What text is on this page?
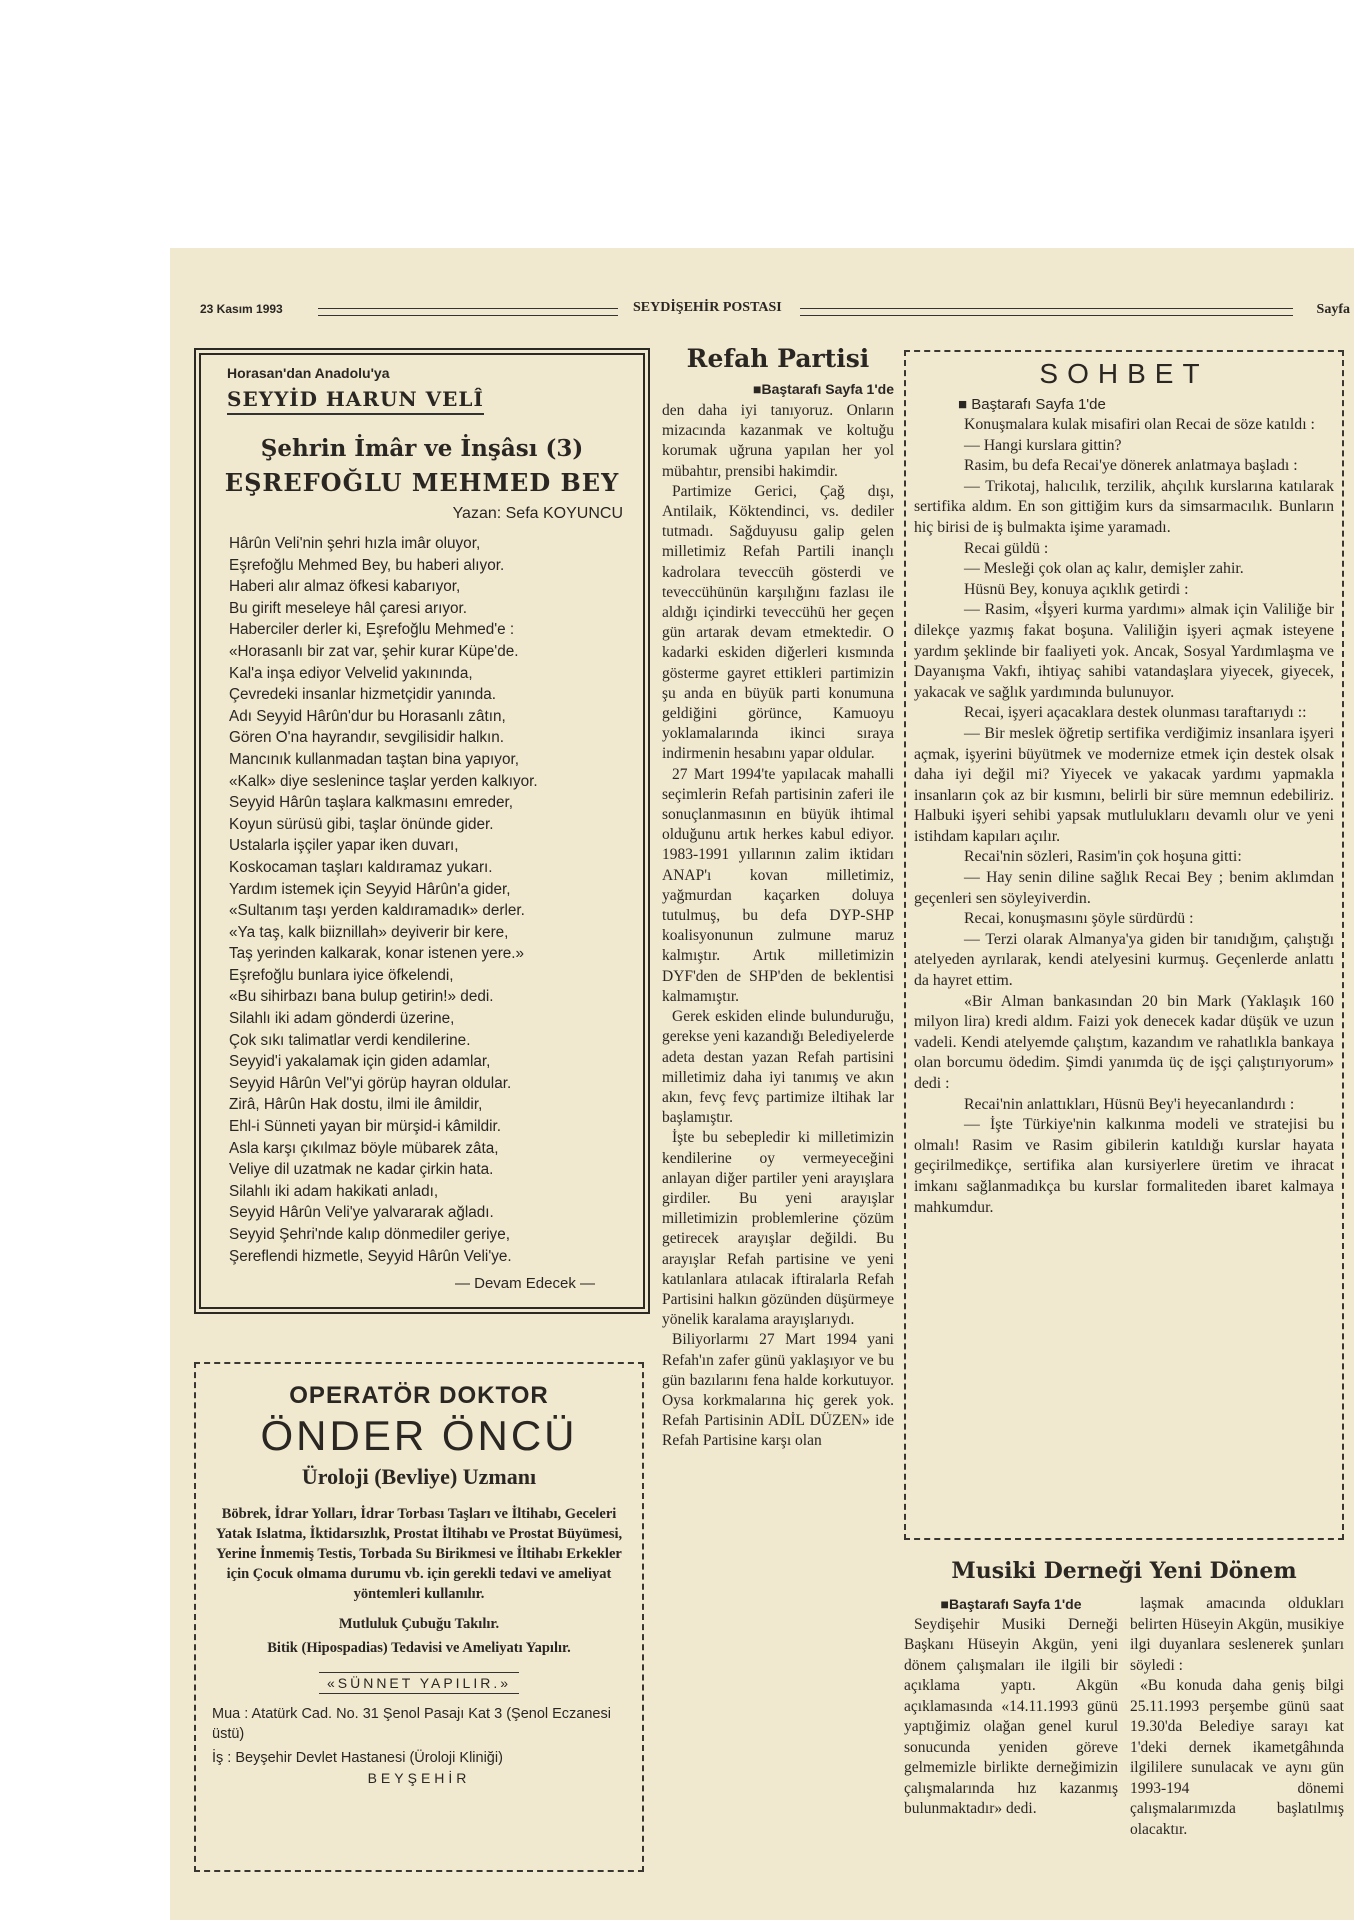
23 Kasım 1993	SEYDİŞEHİR POSTASI	Sayfa
Horasan'dan Anadolu'ya
SEYYİD HARUN VELÎ
Şehrin İmâr ve İnşâsı (3)
EŞREFOĞLU MEHMED BEY
Yazan: Sefa KOYUNCU
Hârûn Veli'nin şehri hızla imâr oluyor,
Eşrefoğlu Mehmed Bey, bu haberi alıyor.
Haberi alır almaz öfkesi kabarıyor,
Bu girift meseleye hâl çaresi arıyor.
Haberciler derler ki, Eşrefoğlu Mehmed'e :
«Horasanlı bir zat var, şehir kurar Küpe'de.
Kal'a inşa ediyor Velvelid yakınında,
Çevredeki insanlar hizmetçidir yanında.
Adı Seyyid Hârûn'dur bu Horasanlı zâtın,
Gören O'na hayrandır, sevgilisidir halkın.
Mancınık kullanmadan taştan bina yapıyor,
«Kalk» diye seslenince taşlar yerden kalkıyor.
Seyyid Hârûn taşlara kalkmasını emreder,
Koyun sürüsü gibi, taşlar önünde gider.
Ustalarla işçiler yapar iken duvarı,
Koskocaman taşları kaldıramaz yukarı.
Yardım istemek için Seyyid Hârûn'a gider,
«Sultanım taşı yerden kaldıramadık» derler.
«Ya taş, kalk biiznillah» deyiverir bir kere,
Taş yerinden kalkarak, konar istenen yere.»
Eşrefoğlu bunlara iyice öfkelendi,
«Bu sihirbazı bana bulup getirin!» dedi.
Silahlı iki adam gönderdi üzerine,
Çok sıkı talimatlar verdi kendilerine.
Seyyid'i yakalamak için giden adamlar,
Seyyid Hârûn Vel''yi görüp hayran oldular.
Zirâ, Hârûn Hak dostu, ilmi ile âmildir,
Ehl-i Sünneti yayan bir mürşid-i kâmildir.
Asla karşı çıkılmaz böyle mübarek zâta,
Veliye dil uzatmak ne kadar çirkin hata.
Silahlı iki adam hakikati anladı,
Seyyid Hârûn Veli'ye yalvararak ağladı.
Seyyid Şehri'nde kalıp dönmediler geriye,
Şereflendi hizmetle, Seyyid Hârûn Veli'ye.
— Devam Edecek —
OPERATÖR DOKTOR
ÖNDER ÖNCÜ
Üroloji (Bevliye) Uzmanı
Böbrek, İdrar Yolları, İdrar Torbası Taşları ve İltihabı, Geceleri Yatak Islatma, İktidarsızlık, Prostat İltihabı ve Prostat Büyümesi, Yerine İnmemiş Testis, Torbada Su Birikmesi ve İltihabı Erkekler için Çocuk olmama durumu vb. için gerekli tedavi ve ameliyat yöntemleri kullanılır.
Mutluluk Çubuğu Takılır.
Bitik (Hipospadias) Tedavisi ve Ameliyatı Yapılır.
«SÜNNET YAPILIR.»
Mua : Atatürk Cad. No. 31 Şenol Pasajı Kat 3 (Şenol Eczanesi üstü)
İş : Beyşehir Devlet Hastanesi (Üroloji Kliniği)
BEYŞEHİR
Refah Partisi
■Baştarafı Sayfa 1'de

den daha iyi tanıyoruz. Onların mizacında kazanmak ve koltuğu korumak uğruna yapılan her yol mübahtır, prensibi hakimdir.

Partimize Gerici, Çağ dışı, Antilaik, Köktendinci, vs. dediler tutmadı. Sağduyusu galip gelen milletimiz Refah Partili inançlı kadrolara teveccüh gösterdi ve teveccühünün karşılığını fazlası ile aldığı içindirki teveccühü her geçen gün artarak devam etmektedir. O kadarki eskiden diğerleri kısmında gösterme gayret ettikleri partimizin şu anda en büyük parti konumuna geldiğini görünce, Kamuoyu yoklamalarında ikinci sıraya indirmenin hesabını yapar oldular.

27 Mart 1994'te yapılacak mahalli seçimlerin Refah partisinin zaferi ile sonuçlanmasının en büyük ihtimal olduğunu artık herkes kabul ediyor. 1983-1991 yıllarının zalim iktidarı ANAP'ı kovan milletimiz, yağmurdan kaçarken doluya tutulmuş, bu defa DYP-SHP koalisyonunun zulmune maruz kalmıştır. Artık milletimizin DYF'den de SHP'den de beklentisi kalmamıştır.

Gerek eskiden elinde bulunduruğu, gerekse yeni kazandığı Belediyelerde adeta destan yazan Refah partisini milletimiz daha iyi tanımış ve akın akın, fevç fevç partimize iltihak lar başlamıştır.

İşte bu sebepledir ki milletimizin kendilerine oy vermeyeceğini anlayan diğer partiler yeni arayışlara girdiler. Bu yeni arayışlar milletimizin problemlerine çözüm getirecek arayışlar değildi. Bu arayışlar Refah partisine ve yeni katılanlara atılacak iftiralarla Refah Partisini halkın gözünden düşürmeye yönelik karalama arayışlarıydı.

Biliyorlarmı 27 Mart 1994 yani Refah'ın zafer günü yaklaşıyor ve bu gün bazılarını fena halde korkutuyor. Oysa korkmalarına hiç gerek yok. Refah Partisinin ADİL DÜZEN» ide Refah Partisine karşı olan

SOHBET
■ Baştarafı Sayfa 1'de

Konuşmalara kulak misafiri olan Recai de söze katıldı :

— Hangi kurslara gittin?

Rasim, bu defa Recai'ye dönerek anlatmaya başladı :

— Trikotaj, halıcılık, terzilik, ahçılık kurslarına katılarak sertifika aldım. En son gittiğim kurs da simsarmacılık. Bunların hiç birisi de iş bulmakta işime yaramadı.

Recai güldü :

— Mesleği çok olan aç kalır, demişler zahir.

Hüsnü Bey, konuya açıklık getirdi :

— Rasim, «İşyeri kurma yardımı» almak için Valiliğe bir dilekçe yazmış fakat boşuna. Valiliğin işyeri açmak isteyene yardım şeklinde bir faaliyeti yok. Ancak, Sosyal Yardımlaşma ve Dayanışma Vakfı, ihtiyaç sahibi vatandaşlara yiyecek, giyecek, yakacak ve sağlık yardımında bulunuyor.

Recai, işyeri açacaklara destek olunması taraftarıydı ::

— Bir meslek öğretip sertifika verdiğimiz insanlara işyeri açmak, işyerini büyütmek ve modernize etmek için destek olsak daha iyi değil mi? Yiyecek ve yakacak yardımı yapmakla insanların çok az bir kısmını, belirli bir süre memnun edebiliriz. Halbuki işyeri sehibi yapsak mutluluklarıı devamlı olur ve yeni istihdam kapıları açılır.

Recai'nin sözleri, Rasim'in çok hoşuna gitti:

— Hay senin diline sağlık Recai Bey ; benim aklımdan geçenleri sen söyleyiverdin.

Recai, konuşmasını şöyle sürdürdü :

— Terzi olarak Almanya'ya giden bir tanıdığım, çalıştığı atelyeden ayrılarak, kendi atelyesini kurmuş. Geçenlerde anlattı da hayret ettim.

«Bir Alman bankasından 20 bin Mark (Yaklaşık 160 milyon lira) kredi aldım. Faizi yok denecek kadar düşük ve uzun vadeli. Kendi atelyemde çalıştım, kazandım ve rahatlıkla bankaya olan borcumu ödedim. Şimdi yanımda üç de işçi çalıştırıyorum» dedi :

Recai'nin anlattıkları, Hüsnü Bey'i heyecanlandırdı :

— İşte Türkiye'nin kalkınma modeli ve stratejisi bu olmalı! Rasim ve Rasim gibilerin katıldığı kurslar hayata geçirilmedikçe, sertifika alan kursiyerlere üretim ve ihracat imkanı sağlanmadıkça bu kurslar formaliteden ibaret kalmaya mahkumdur.

Musiki Derneği Yeni Dönem

■Baştarafı Sayfa 1'de

Seydişehir Musiki Derneği Başkanı Hüseyin Akgün, yeni dönem çalışmaları ile ilgili bir açıklama yaptı. Akgün açıklamasında «14.11.1993 günü yaptığimiz olağan genel kurul sonucunda yeniden göreve gelmemizle birlikte derneğimizin çalışmalarında hız kazanmış bulunmaktadır» dedi.

laşmak amacında oldukları belirten Hüseyin Akgün, musikiye ilgi duyanlara seslenerek şunları söyledi :

«Bu konuda daha geniş bilgi 25.11.1993 perşembe günü saat 19.30'da Belediye sarayı kat 1'deki dernek ikametgâhında ilgililere sunulacak ve aynı gün 1993-194 dönemi çalışmalarımızda başlatılmış olacaktır.
